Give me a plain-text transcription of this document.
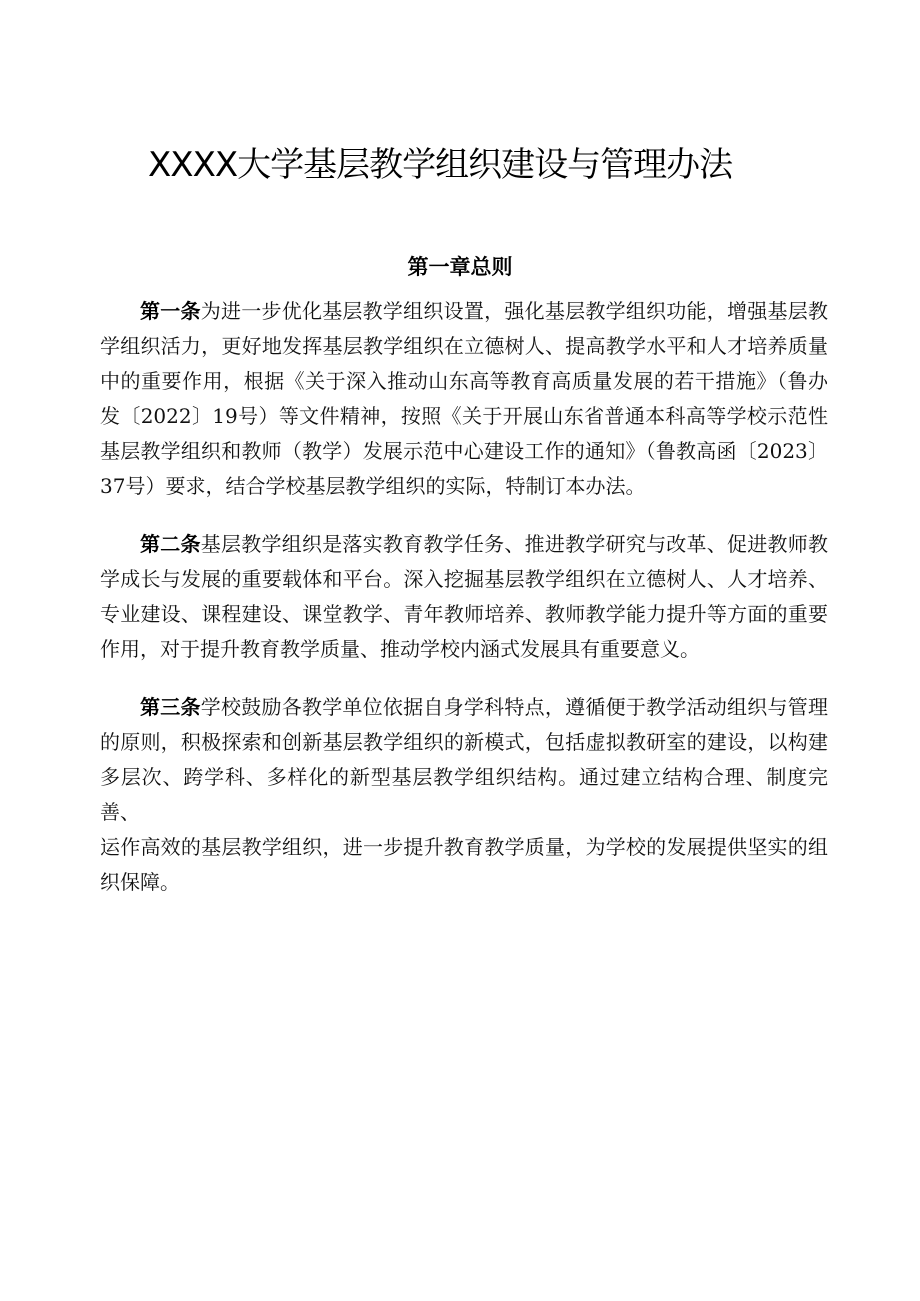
XXXX大学基层教学组织建设与管理办法
第一章总则

第一条为进一步优化基层教学组织设置，强化基层教学组织功能，增强基层教学组织活力，更好地发挥基层教学组织在立德树人、提高教学水平和人才培养质量中的重要作用，根据《关于深入推动山东高等教育高质量发展的若干措施》（鲁办发〔2022〕19号）等文件精神，按照《关于开展山东省普通本科高等学校示范性基层教学组织和教师（教学）发展示范中心建设工作的通知》（鲁教高函〔2023〕37号）要求，结合学校基层教学组织的实际，特制订本办法。

第二条基层教学组织是落实教育教学任务、推进教学研究与改革、促进教师教学成长与发展的重要载体和平台。深入挖掘基层教学组织在立德树人、人才培养、专业建设、课程建设、课堂教学、青年教师培养、教师教学能力提升等方面的重要作用，对于提升教育教学质量、推动学校内涵式发展具有重要意义。

第三条学校鼓励各教学单位依据自身学科特点，遵循便于教学活动组织与管理的原则，积极探索和创新基层教学组织的新模式，包括虚拟教研室的建设，以构建多层次、跨学科、多样化的新型基层教学组织结构。通过建立结构合理、制度完善、

运作高效的基层教学组织，进一步提升教育教学质量，为学校的发展提供坚实的组织保障。
